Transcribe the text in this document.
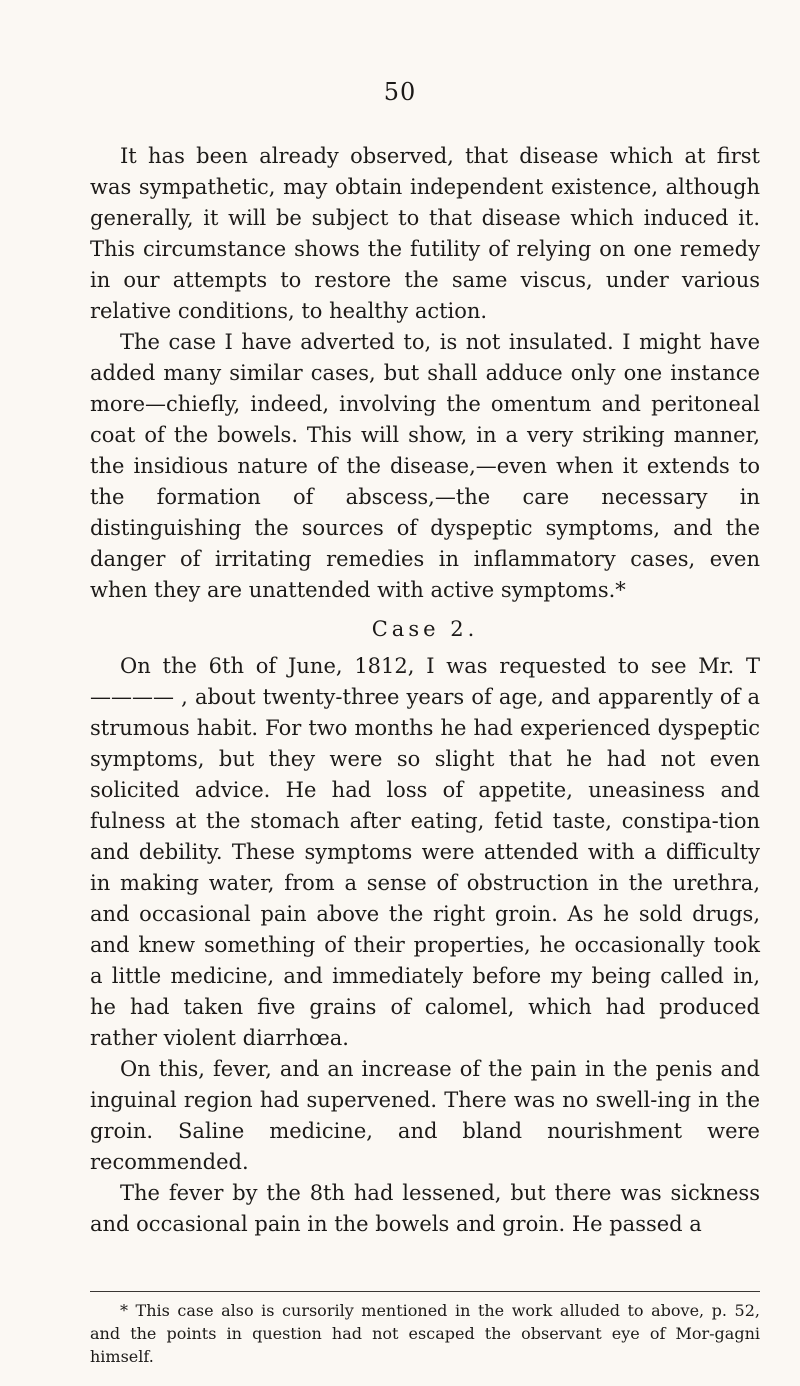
50

It has been already observed, that disease which at first was sympathetic, may obtain independent existence, although generally, it will be subject to that disease which induced it. This circumstance shows the futility of relying on one remedy in our attempts to restore the same viscus, under various relative conditions, to healthy action.

The case I have adverted to, is not insulated. I might have added many similar cases, but shall adduce only one instance more—chiefly, indeed, involving the omentum and peritoneal coat of the bowels. This will show, in a very striking manner, the insidious nature of the disease,—even when it extends to the formation of abscess,—the care necessary in distinguishing the sources of dyspeptic symptoms, and the danger of irritating remedies in inflammatory cases, even when they are unattended with active symptoms.*

Case 2.

On the 6th of June, 1812, I was requested to see Mr. T———— , about twenty-three years of age, and apparently of a strumous habit. For two months he had experienced dyspeptic symptoms, but they were so slight that he had not even solicited advice. He had loss of appetite, uneasiness and fulness at the stomach after eating, fetid taste, constipa-tion and debility. These symptoms were attended with a difficulty in making water, from a sense of obstruction in the urethra, and occasional pain above the right groin. As he sold drugs, and knew something of their properties, he occasionally took a little medicine, and immediately before my being called in, he had taken five grains of calomel, which had produced rather violent diarrhœa.

On this, fever, and an increase of the pain in the penis and inguinal region had supervened. There was no swell-ing in the groin. Saline medicine, and bland nourishment were recommended.

The fever by the 8th had lessened, but there was sickness and occasional pain in the bowels and groin. He passed a

* This case also is cursorily mentioned in the work alluded to above, p. 52, and the points in question had not escaped the observant eye of Mor-gagni himself.
